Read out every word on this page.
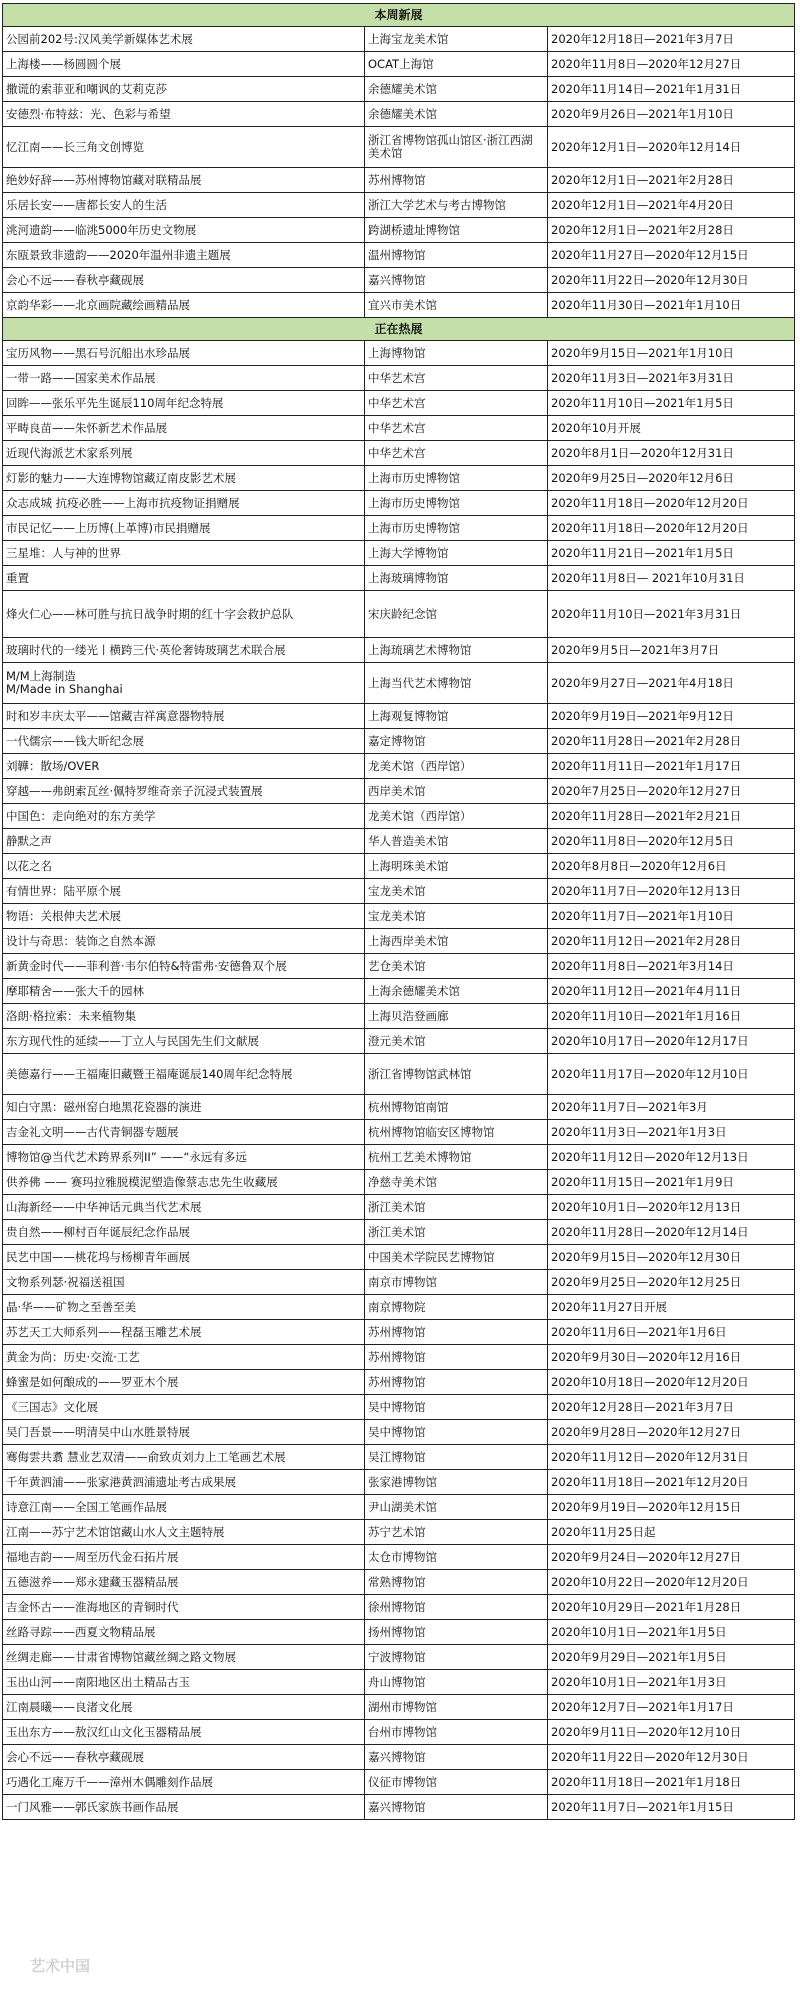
本周新展		
公园前202号:汉风美学新媒体艺术展	上海宝龙美术馆	2020年12月18日—2021年3月7日
上海楼——杨圆圆个展	OCAT上海馆	2020年11月8日—2020年12月27日
撒谎的索菲亚和嘲讽的艾莉克莎	余德耀美术馆	2020年11月14日—2021年1月31日
安德烈·布特兹：光、色彩与希望	余德耀美术馆	2020年9月26日—2021年1月10日
忆江南——长三角文创博览	浙江省博物馆孤山馆区·浙江西湖美术馆	2020年12月1日—2020年12月14日
绝妙好辞——苏州博物馆藏对联精品展	苏州博物馆	2020年12月1日—2021年2月28日
乐居长安——唐都长安人的生活	浙江大学艺术与考古博物馆	2020年12月1日—2021年4月20日
洮河遗韵——临洮5000年历史文物展	跨湖桥遗址博物馆	2020年12月1日—2021年2月28日
东瓯景致非遗韵——2020年温州非遗主题展	温州博物馆	2020年11月27日—2020年12月15日
会心不远——春秋亭藏砚展	嘉兴博物馆	2020年11月22日—2020年12月30日
京韵华彩——北京画院藏绘画精品展	宜兴市美术馆	2020年11月30日—2021年1月10日
正在热展		
宝历风物——黑石号沉船出水珍品展	上海博物馆	2020年9月15日—2021年1月10日
一带一路——国家美术作品展	中华艺术宫	2020年11月3日—2021年3月31日
回眸——张乐平先生诞辰110周年纪念特展	中华艺术宫	2020年11月10日—2021年1月5日
平畴良苗——朱怀新艺术作品展	中华艺术宫	2020年10月开展
近现代海派艺术家系列展	中华艺术宫	2020年8月1日—2020年12月31日
灯影的魅力——大连博物馆藏辽南皮影艺术展	上海市历史博物馆	2020年9月25日—2020年12月6日
众志成城 抗疫必胜——上海市抗疫物证捐赠展	上海市历史博物馆	2020年11月18日—2020年12月20日
市民记忆——上历博(上革博)市民捐赠展	上海市历史博物馆	2020年11月18日—2020年12月20日
三星堆：人与神的世界	上海大学博物馆	2020年11月21日—2021年1月5日
重置	上海玻璃博物馆	2020年11月8日— 2021年10月31日
烽火仁心——林可胜与抗日战争时期的红十字会救护总队	宋庆龄纪念馆	2020年11月10日—2021年3月31日
玻璃时代的一缕光丨横跨三代·英伦奢铸玻璃艺术联合展	上海琉璃艺术博物馆	2020年9月5日—2021年3月7日
M/M上海制造
M/Made in Shanghai	上海当代艺术博物馆	2020年9月27日—2021年4月18日
时和岁丰庆太平——馆藏吉祥寓意器物特展	上海观复博物馆	2020年9月19日—2021年9月12日
一代儒宗——钱大昕纪念展	嘉定博物馆	2020年11月28日—2021年2月28日
刘韡：散场/OVER	龙美术馆（西岸馆）	2020年11月11日—2021年1月17日
穿越——弗朗索瓦丝·佩特罗维奇亲子沉浸式装置展	西岸美术馆	2020年7月25日—2020年12月27日
中国色：走向绝对的东方美学	龙美术馆（西岸馆）	2020年11月28日—2021年2月21日
静默之声	华人普造美术馆	2020年11月8日—2020年12月5日
以花之名	上海明珠美术馆	2020年8月8日—2020年12月6日
有情世界：陆平原个展	宝龙美术馆	2020年11月7日—2020年12月13日
物语：关根伸夫艺术展	宝龙美术馆	2020年11月7日—2021年1月10日
设计与奇思：装饰之自然本源	上海西岸美术馆	2020年11月12日—2021年2月28日
新黄金时代——菲利普·韦尔伯特&特雷弗·安德鲁双个展	艺仓美术馆	2020年11月8日—2021年3月14日
摩耶精舍——张大千的园林	上海余德耀美术馆	2020年11月12日—2021年4月11日
洛朗·格拉索：未来植物集	上海贝浩登画廊	2020年11月10日—2021年1月16日
东方现代性的延续——丁立人与民国先生们文献展	澄元美术馆	2020年10月17日—2020年12月17日
美德嘉行——王福庵旧藏暨王福庵诞辰140周年纪念特展	浙江省博物馆武林馆	2020年11月17日—2020年12月10日
知白守黑：磁州窑白地黑花瓷器的演进	杭州博物馆南馆	2020年11月7日—2021年3月
吉金礼文明——古代青铜器专题展	杭州博物馆临安区博物馆	2020年11月3日—2021年1月3日
博物馆@当代艺术跨界系列II” ——“永远有多远	杭州工艺美术博物馆	2020年11月12日—2020年12月13日
供养佛 —— 赛玛拉雅脱模泥塑造像蔡志忠先生收藏展	净慈寺美术馆	2020年11月15日—2021年1月9日
山海新经——中华神话元典当代艺术展	浙江美术馆	2020年10月1日—2020年12月13日
贵自然——柳村百年诞辰纪念作品展	浙江美术馆	2020年11月28日—2020年12月14日
民艺中国——桃花坞与杨柳青年画展	中国美术学院民艺博物馆	2020年9月15日—2020年12月30日
文物系列瑟·祝福送祖国	南京市博物馆	2020年9月25日—2020年12月25日
晶·华——矿物之至善至美	南京博物院	2020年11月27日开展
苏艺天工大师系列——程磊玉雕艺术展	苏州博物馆	2020年11月6日—2021年1月6日
黄金为尚：历史·交流·工艺	苏州博物馆	2020年9月30日—2020年12月16日
蜂蜜是如何酿成的——罗亚木个展	苏州博物馆	2020年10月18日—2020年12月20日
《三国志》文化展	吴中博物馆	2020年12月28日—2021年3月7日
吴门吾景——明清吴中山水胜景特展	吴中博物馆	2020年9月28日—2020年12月27日
骞侮雲共翥 慧业艺双清——俞致贞刘力上工笔画艺术展	吴江博物馆	2020年11月12日—2020年12月31日
千年黄泗浦——张家港黄泗浦遗址考古成果展	张家港博物馆	2020年11月18日—2021年12月20日
诗意江南——全国工笔画作品展	尹山湖美术馆	2020年9月19日—2020年12月15日
江南——苏宁艺术馆馆藏山水人文主题特展	苏宁艺术馆	2020年11月25日起
福地吉韵——周至历代金石拓片展	太仓市博物馆	2020年9月24日—2020年12月27日
五德滋养——郑永建藏玉器精品展	常熟博物馆	2020年10月22日—2020年12月20日
吉金怀古——淮海地区的青铜时代	徐州博物馆	2020年10月29日—2021年1月28日
丝路寻踪——西夏文物精品展	扬州博物馆	2020年10月1日—2021年1月5日
丝绸走廊——甘肃省博物馆藏丝绸之路文物展	宁波博物馆	2020年9月29日—2021年1月5日
玉出山河——南阳地区出土精品古玉	舟山博物馆	2020年10月1日—2021年1月3日
江南晨曦——良渚文化展	湖州市博物馆	2020年12月7日—2021年1月17日
玉出东方——敖汉红山文化玉器精品展	台州市博物馆	2020年9月11日—2020年12月10日
会心不远——春秋亭藏砚展	嘉兴博物馆	2020年11月22日—2020年12月30日
巧遇化工庵万千——漳州木偶雕刻作品展	仪征市博物馆	2020年11月18日—2021年1月18日
一门风雅——郭氏家族书画作品展	嘉兴博物馆	2020年11月7日—2021年1月15日
艺术中国
